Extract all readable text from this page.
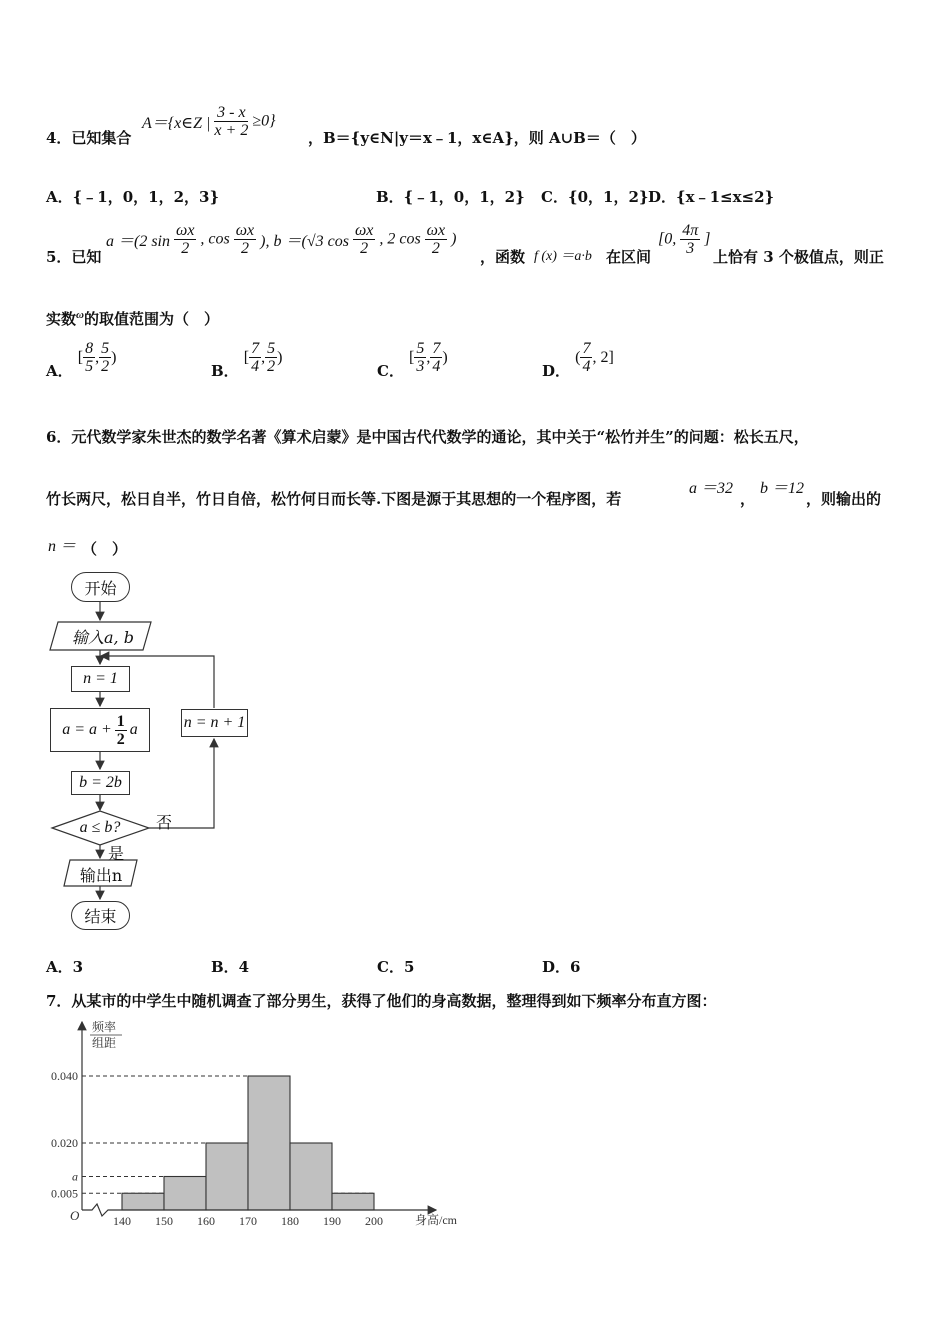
4．已知集合
A＝{x∈Z | $\frac{3 - x}{x + 2} \ge 0$}
，B＝{y∈N|y＝x﹣1，x∈A}，则 A∪B＝（　）
A．{﹣1，0，1，2，3}	B．{﹣1，0，1，2} C．{0，1，2} D．{x﹣1≤x≤2}
5．已知
a ＝(2 $\sin \frac{\omega x}{2}$ , $\cos \frac{\omega x}{2}$ ), b ＝(√3 $\cos \frac{\omega x}{2}$ , 2 $\cos \frac{\omega x}{2}$ )
，函数 f (x) ＝a·b 在区间
[0, $\frac{4\pi}{3}$ ]
上恰有 3 个极值点，则正
实数$^\omega$的取值范围为（　）
A． [ $\frac{8}{5}$ , $\frac{5}{2}$ )
B． [ $\frac{7}{4}$ , $\frac{5}{2}$ )
C． [ $\frac{5}{3}$ , $\frac{7}{4}$ )
D． ( $\frac{7}{4}$ , 2]
6．元代数学家朱世杰的数学名著《算术启蒙》是中国古代代数学的通论，其中关于“松竹并生”的问题：松长五尺，
竹长两尺，松日自半，竹日自倍，松竹何日而长等.下图是源于其思想的一个程序图，若
a ＝32
，
b ＝12
，则输出的
n ＝ （　）
开始
输入a, b
n = 1
$a = a + \frac{1}{2}$ a
b = 2b
a ≤ b?	否
是
n = n + 1
输出n
结束
A．3	B．4	C．5	D．6
7．从某市的中学生中随机调查了部分男生，获得了他们的身高数据，整理得到如下频率分布直方图：
频率
组距
O
0.040
0.020
a
0.005
140 150 160 170 180 190 200	身高/cm
